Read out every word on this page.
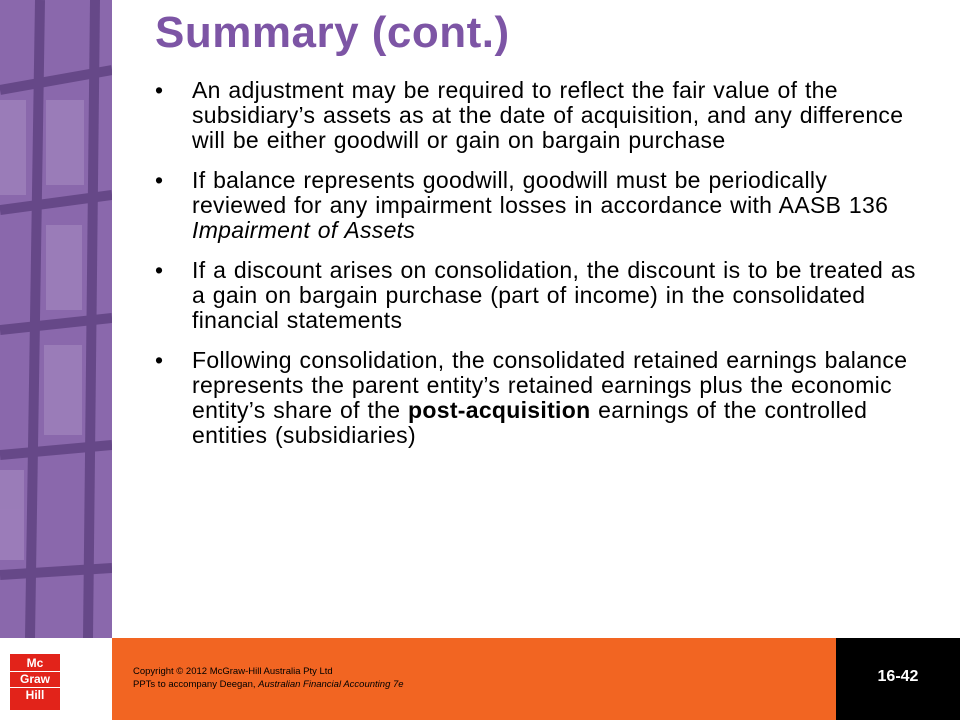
Summary (cont.)
• An adjustment may be required to reflect the fair value of the subsidiary’s assets as at the date of acquisition, and any difference will be either goodwill or gain on bargain purchase
• If balance represents goodwill, goodwill must be periodically reviewed for any impairment losses in accordance with AASB 136 Impairment of Assets
• If a discount arises on consolidation, the discount is to be treated as a gain on bargain purchase (part of income) in the consolidated financial statements
• Following consolidation, the consolidated retained earnings balance represents the parent entity’s retained earnings plus the economic entity’s share of the post-acquisition earnings of the controlled entities (subsidiaries)
Mc
Graw
Hill
Copyright © 2012 McGraw-Hill Australia Pty Ltd
PPTs to accompany Deegan, Australian Financial Accounting 7e	16-42
